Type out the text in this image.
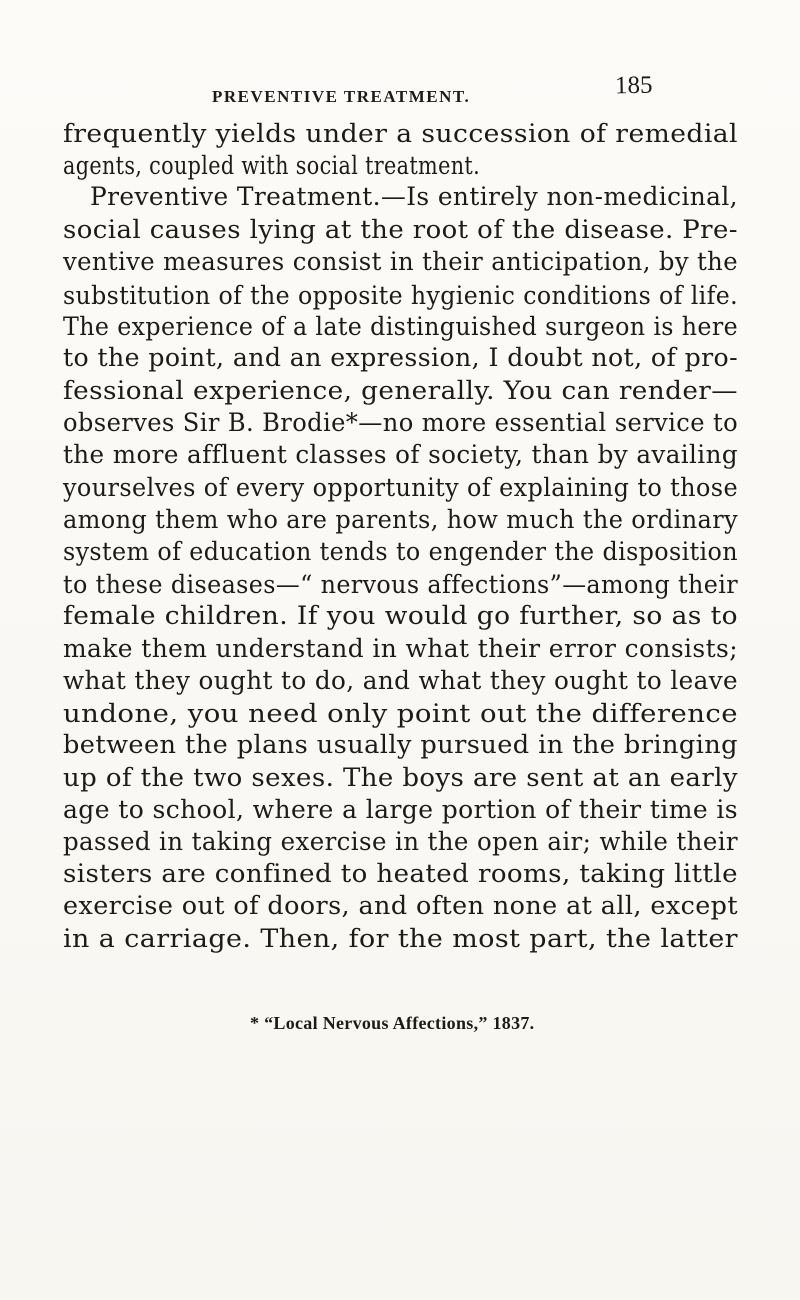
PREVENTIVE TREATMENT.	185
frequently yields under a succession of remedial
agents, coupled with social treatment.
Preventive Treatment.—Is entirely non-medicinal,
social causes lying at the root of the disease. Pre-
ventive measures consist in their anticipation, by the
substitution of the opposite hygienic conditions of life.
The experience of a late distinguished surgeon is here
to the point, and an expression, I doubt not, of pro-
fessional experience, generally. You can render—
observes Sir B. Brodie*—no more essential service to
the more affluent classes of society, than by availing
yourselves of every opportunity of explaining to those
among them who are parents, how much the ordinary
system of education tends to engender the disposition
to these diseases—“ nervous affections”—among their
female children. If you would go further, so as to
make them understand in what their error consists;
what they ought to do, and what they ought to leave
undone, you need only point out the difference
between the plans usually pursued in the bringing
up of the two sexes. The boys are sent at an early
age to school, where a large portion of their time is
passed in taking exercise in the open air; while their
sisters are confined to heated rooms, taking little
exercise out of doors, and often none at all, except
in a carriage. Then, for the most part, the latter
* “Local Nervous Affections,” 1837.
